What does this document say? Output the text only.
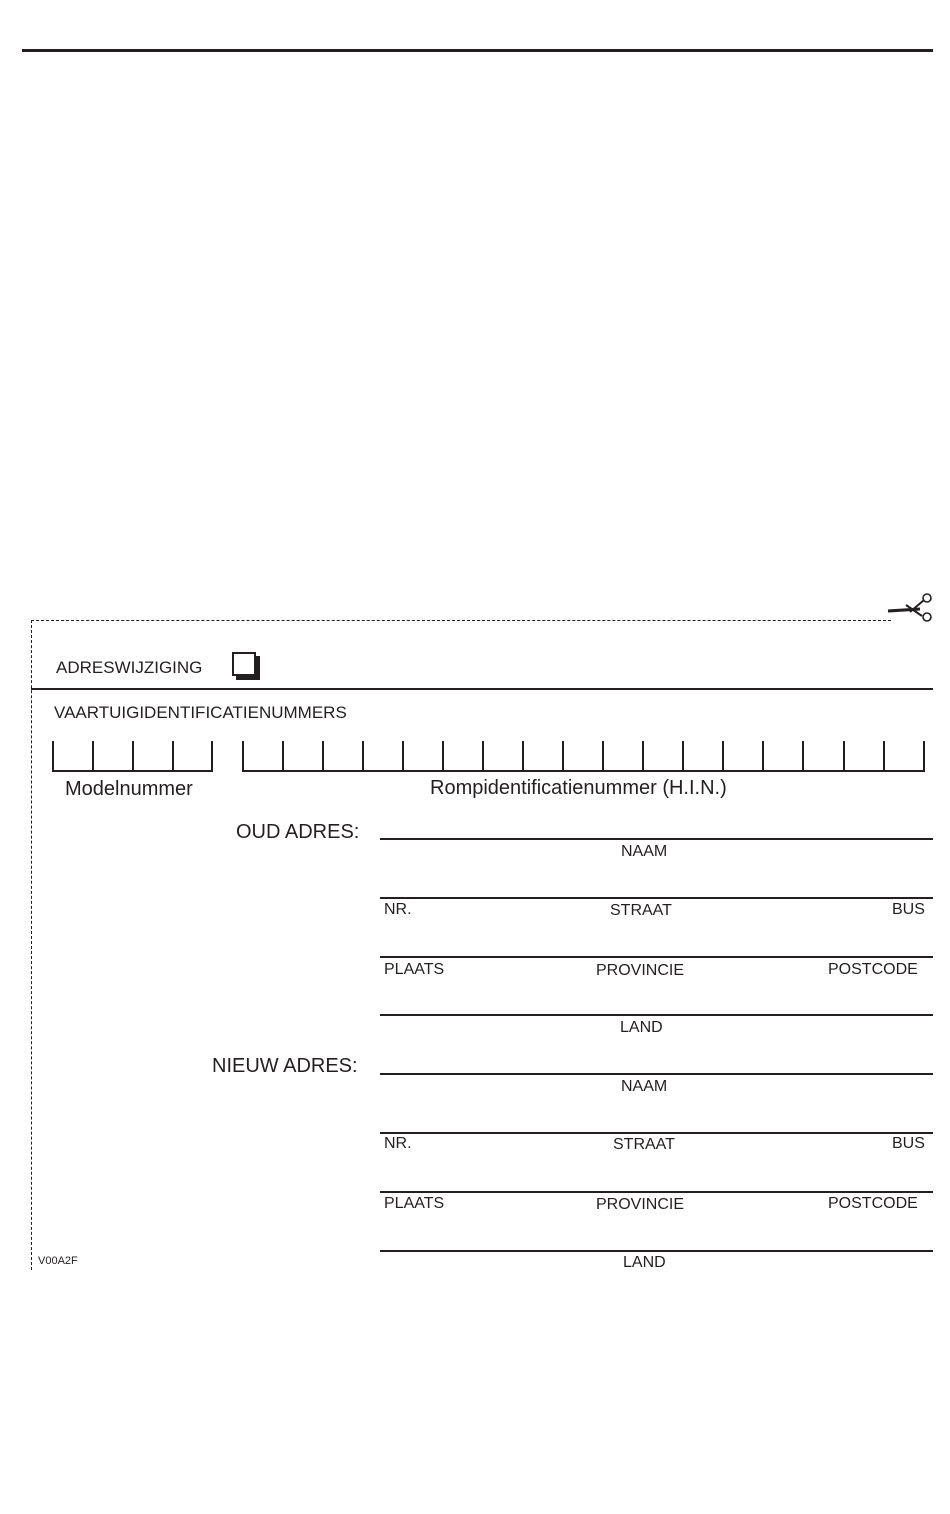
ADRESWIJZIGING
VAARTUIGIDENTIFICATIENUMMERS
Modelnummer	Rompidentificatienummer (H.I.N.)
OUD ADRES:
NAAM
NR.	STRAAT	BUS
PLAATS	PROVINCIE	POSTCODE
LAND
NIEUW ADRES:
NAAM
NR.	STRAAT	BUS
PLAATS	PROVINCIE	POSTCODE
LAND
V00A2F
